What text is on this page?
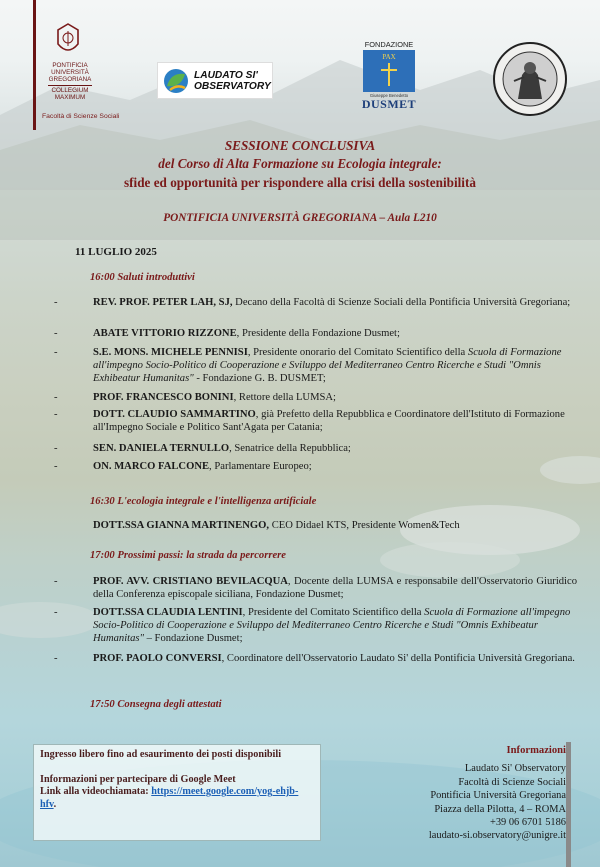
PONTIFICIA
UNIVERSITÀ
GREGORIANA
COLLEGIUM
MAXIMUM
Facoltà di Scienze Sociali
LAUDATO SI'
OBSERVATORY
FONDAZIONE
PAX
Giuseppe Benedetto
DUSMET
SESSIONE CONCLUSIVA
del Corso di Alta Formazione su Ecologia integrale:
sfide ed opportunità per rispondere alla crisi della sostenibilità
PONTIFICIA UNIVERSITÀ GREGORIANA – Aula L210
11 LUGLIO 2025
16:00 Saluti introduttivi
-	REV. PROF. PETER LAH, SJ, Decano della Facoltà di Scienze Sociali della Pontificia Università Gregoriana;
-	ABATE VITTORIO RIZZONE, Presidente della Fondazione Dusmet;
-	S.E. MONS. MICHELE PENNISI, Presidente onorario del Comitato Scientifico della Scuola di Formazione all'impegno Socio-Politico di Cooperazione e Sviluppo del Mediterraneo Centro Ricerche e Studi "Omnis Exhibeatur Humanitas" - Fondazione G. B. DUSMET;
-	PROF. FRANCESCO BONINI, Rettore della LUMSA;
-	DOTT. CLAUDIO SAMMARTINO, già Prefetto della Repubblica e Coordinatore dell'Istituto di Formazione all'Impegno Sociale e Politico Sant'Agata per Catania;
-	SEN. DANIELA TERNULLO, Senatrice della Repubblica;
-	ON. MARCO FALCONE, Parlamentare Europeo;
16:30 L'ecologia integrale e l'intelligenza artificiale
DOTT.SSA GIANNA MARTINENGO, CEO Didael KTS, Presidente Women&Tech
17:00 Prossimi passi: la strada da percorrere
-	PROF. AVV. CRISTIANO BEVILACQUA, Docente della LUMSA e responsabile dell'Osservatorio Giuridico della Conferenza episcopale siciliana, Fondazione Dusmet;
-	DOTT.SSA CLAUDIA LENTINI, Presidente del Comitato Scientifico della Scuola di Formazione all'impegno Socio-Politico di Cooperazione e Sviluppo del Mediterraneo Centro Ricerche e Studi "Omnis Exhibeatur Humanitas" – Fondazione Dusmet;
-	PROF. PAOLO CONVERSI, Coordinatore dell'Osservatorio Laudato Si' della Pontificia Università Gregoriana.
17:50 Consegna degli attestati

Ingresso libero fino ad esaurimento dei posti disponibili

Informazioni per partecipare di Google Meet

Link alla videochiamata: https://meet.google.com/yog-ehjb-hfv.

Informazioni
Laudato Si' Observatory
Facoltà di Scienze Sociali
Pontificia Università Gregoriana
Piazza della Pilotta, 4 – ROMA
+39 06 6701 5186
laudato-si.observatory@unigre.it
